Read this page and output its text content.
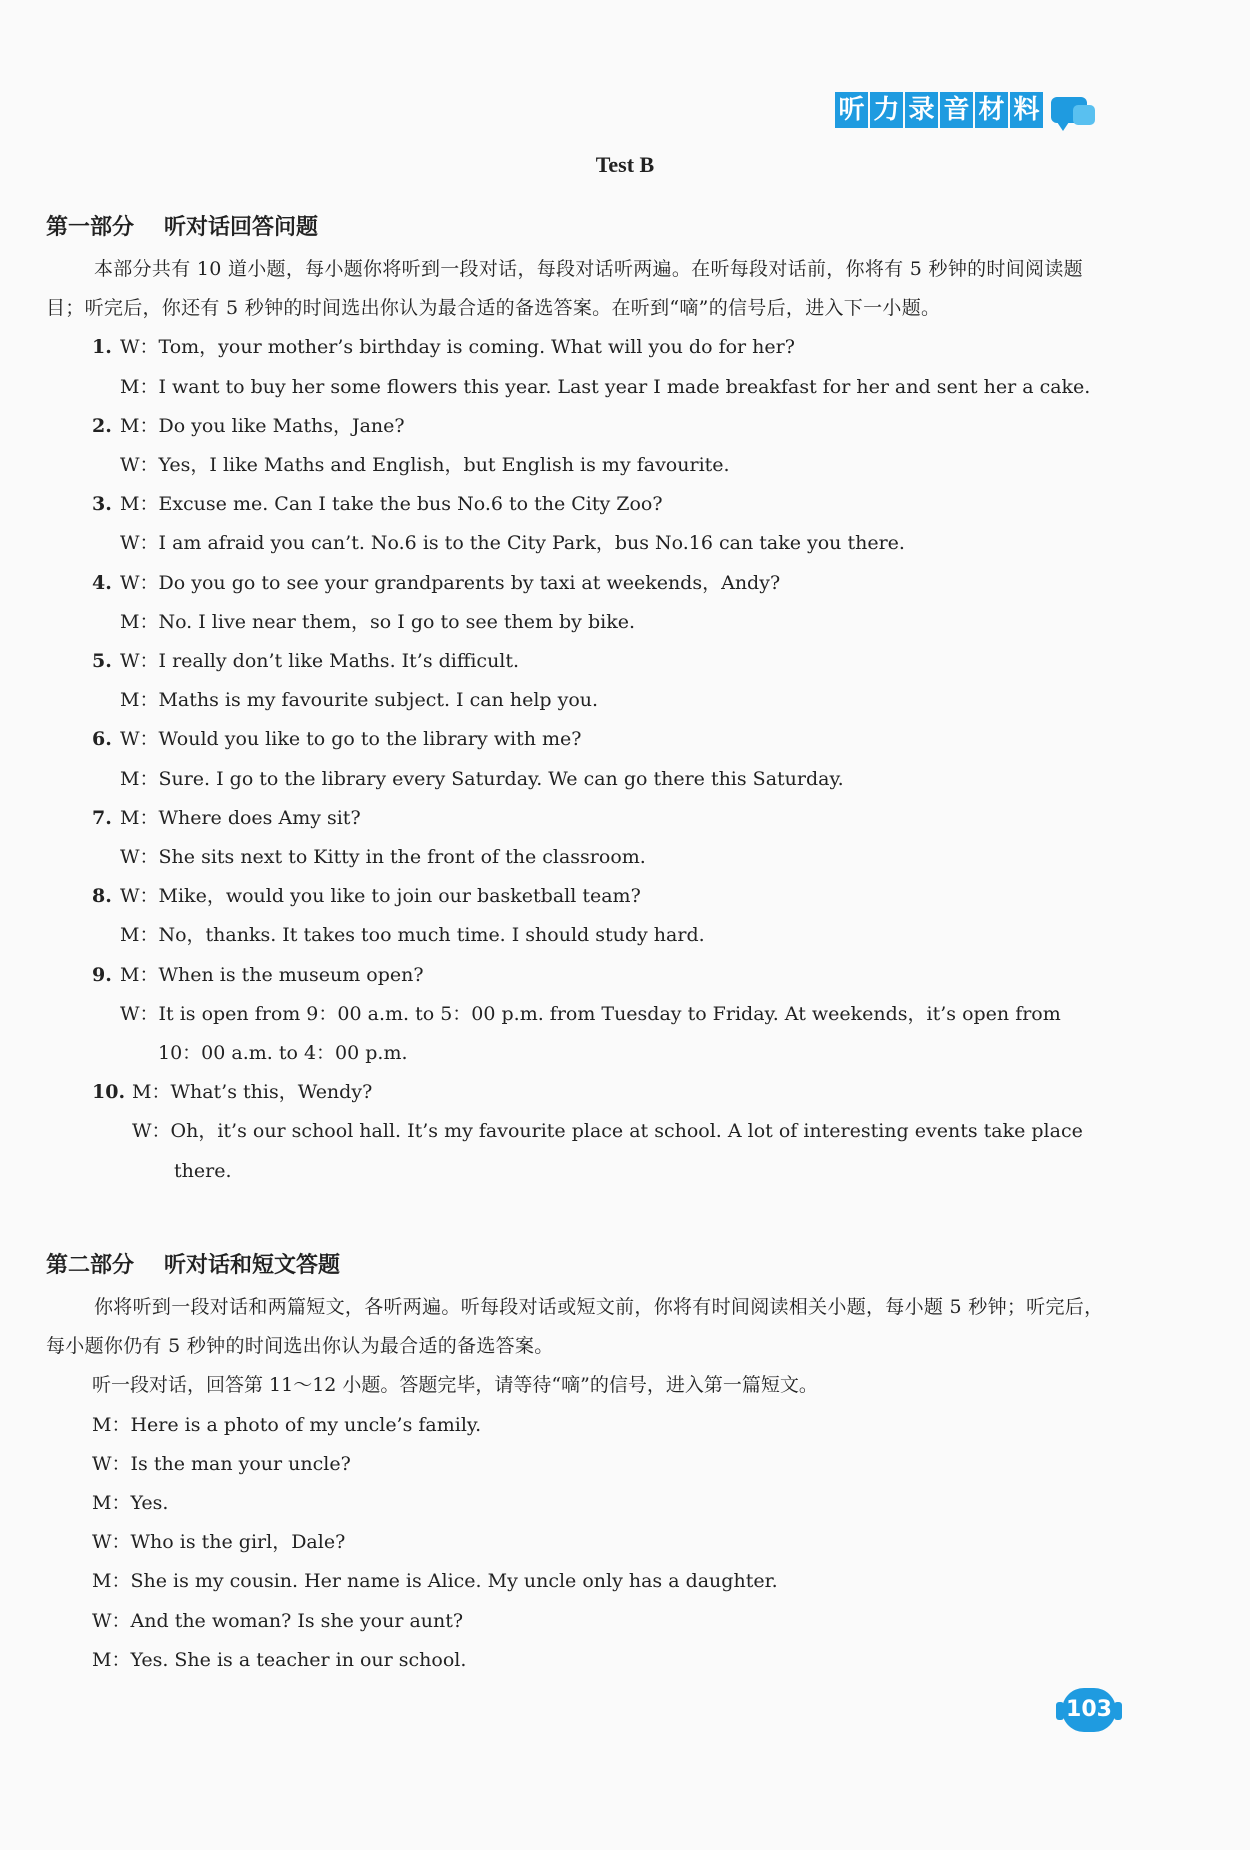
听 力 录 音 材 料
Test B
第一部分 听对话回答问题
本部分共有 10 道小题，每小题你将听到一段对话，每段对话听两遍。在听每段对话前，你将有 5 秒钟的时间阅读题目；听完后，你还有 5 秒钟的时间选出你认为最合适的备选答案。在听到“嘀”的信号后，进入下一小题。
1. W：Tom，your mother’s birthday is coming. What will you do for her?
M：I want to buy her some flowers this year. Last year I made breakfast for her and sent her a cake.
2. M：Do you like Maths，Jane?
W：Yes，I like Maths and English，but English is my favourite.
3. M：Excuse me. Can I take the bus No.6 to the City Zoo?
W：I am afraid you can’t. No.6 is to the City Park，bus No.16 can take you there.
4. W：Do you go to see your grandparents by taxi at weekends，Andy?
M：No. I live near them，so I go to see them by bike.
5. W：I really don’t like Maths. It’s difficult.
M：Maths is my favourite subject. I can help you.
6. W：Would you like to go to the library with me?
M：Sure. I go to the library every Saturday. We can go there this Saturday.
7. M：Where does Amy sit?
W：She sits next to Kitty in the front of the classroom.
8. W：Mike，would you like to join our basketball team?
M：No，thanks. It takes too much time. I should study hard.
9. M：When is the museum open?
W：It is open from 9：00 a.m. to 5：00 p.m. from Tuesday to Friday. At weekends，it’s open from
10：00 a.m. to 4：00 p.m.
10. M：What’s this，Wendy?
W：Oh，it’s our school hall. It’s my favourite place at school. A lot of interesting events take place
there.
第二部分 听对话和短文答题
你将听到一段对话和两篇短文，各听两遍。听每段对话或短文前，你将有时间阅读相关小题，每小题 5 秒钟；听完后，每小题你仍有 5 秒钟的时间选出你认为最合适的备选答案。
听一段对话，回答第 11～12 小题。答题完毕，请等待“嘀”的信号，进入第一篇短文。
M：Here is a photo of my uncle’s family.
W：Is the man your uncle?
M：Yes.
W：Who is the girl，Dale?
M：She is my cousin. Her name is Alice. My uncle only has a daughter.
W：And the woman? Is she your aunt?
M：Yes. She is a teacher in our school.
103
